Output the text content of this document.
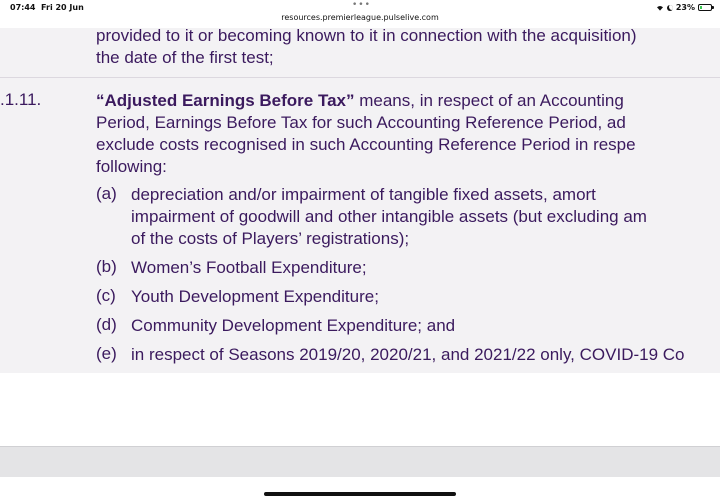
07:44 Fri 20 Jun	•••
resources.premierleague.pulselive.com
23%
provided to it or becoming known to it in connection with the acquisition)
the date of the first test;
.1.11.	“Adjusted Earnings Before Tax” means, in respect of an Accounting
Period, Earnings Before Tax for such Accounting Reference Period, ad
exclude costs recognised in such Accounting Reference Period in respe
following:
(a) depreciation and/or impairment of tangible fixed assets, amort
impairment of goodwill and other intangible assets (but excluding am
of the costs of Players’ registrations);
(b) Women’s Football Expenditure;
(c) Youth Development Expenditure;
(d) Community Development Expenditure; and
(e) in respect of Seasons 2019/20, 2020/21, and 2021/22 only, COVID-19 Co
